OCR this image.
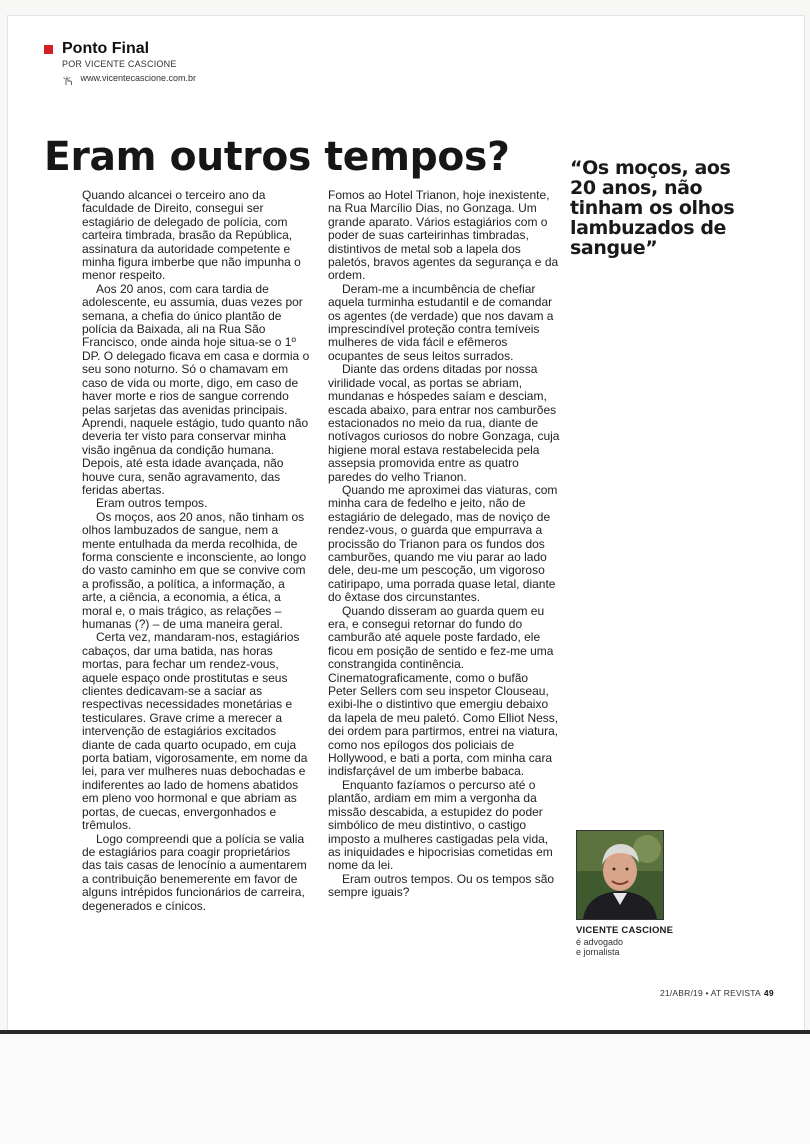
Ponto Final
POR VICENTE CASCIONE
www.vicentecascione.com.br
Eram outros tempos?

Quando alcancei o terceiro ano da faculdade de Direito, consegui ser estagiário de delegado de polícia, com carteira timbrada, brasão da República, assinatura da autoridade competente e minha figura imberbe que não impunha o menor respeito.

Aos 20 anos, com cara tardia de adolescente, eu assumia, duas vezes por semana, a chefia do único plantão de polícia da Baixada, ali na Rua São Francisco, onde ainda hoje situa-se o 1º DP. O delegado ficava em casa e dormia o seu sono noturno. Só o chamavam em caso de vida ou morte, digo, em caso de haver morte e rios de sangue correndo pelas sarjetas das avenidas principais. Aprendi, naquele estágio, tudo quanto não deveria ter visto para conservar minha visão ingênua da condição humana. Depois, até esta idade avançada, não houve cura, senão agravamento, das feridas abertas.

Eram outros tempos.

Os moços, aos 20 anos, não tinham os olhos lambuzados de sangue, nem a mente entulhada da merda recolhida, de forma consciente e inconsciente, ao longo do vasto caminho em que se convive com a profissão, a política, a informação, a arte, a ciência, a economia, a ética, a moral e, o mais trágico, as relações – humanas (?) – de uma maneira geral.

Certa vez, mandaram-nos, estagiários cabaços, dar uma batida, nas horas mortas, para fechar um rendez-vous, aquele espaço onde prostitutas e seus clientes dedicavam-se a saciar as respectivas necessidades monetárias e testiculares. Grave crime a merecer a intervenção de estagiários excitados diante de cada quarto ocupado, em cuja porta batiam, vigorosamente, em nome da lei, para ver mulheres nuas debochadas e indiferentes ao lado de homens abatidos em pleno voo hormonal e que abriam as portas, de cuecas, envergonhados e trêmulos.

Logo compreendi que a polícia se valia de estagiários para coagir proprietários das tais casas de lenocínio a aumentarem a contribuição benemerente em favor de alguns intrépidos funcionários de carreira, degenerados e cínicos.

Fomos ao Hotel Trianon, hoje inexistente, na Rua Marcílio Dias, no Gonzaga. Um grande aparato. Vários estagiários com o poder de suas carteirinhas timbradas, distintivos de metal sob a lapela dos paletós, bravos agentes da segurança e da ordem.

Deram-me a incumbência de chefiar aquela turminha estudantil e de comandar os agentes (de verdade) que nos davam a imprescindível proteção contra temíveis mulheres de vida fácil e efêmeros ocupantes de seus leitos surrados.

Diante das ordens ditadas por nossa virilidade vocal, as portas se abriam, mundanas e hóspedes saíam e desciam, escada abaixo, para entrar nos camburões estacionados no meio da rua, diante de notívagos curiosos do nobre Gonzaga, cuja higiene moral estava restabelecida pela assepsia promovida entre as quatro paredes do velho Trianon.

Quando me aproximei das viaturas, com minha cara de fedelho e jeito, não de estagiário de delegado, mas de noviço de rendez-vous, o guarda que empurrava a procissão do Trianon para os fundos dos camburões, quando me viu parar ao lado dele, deu-me um pescoção, um vigoroso catiripapo, uma porrada quase letal, diante do êxtase dos circunstantes.

Quando disseram ao guarda quem eu era, e consegui retornar do fundo do camburão até aquele poste fardado, ele ficou em posição de sentido e fez-me uma constrangida continência. Cinematograficamente, como o bufão Peter Sellers com seu inspetor Clouseau, exibi-lhe o distintivo que emergiu debaixo da lapela de meu paletó. Como Elliot Ness, dei ordem para partirmos, entrei na viatura, como nos epílogos dos policiais de Hollywood, e bati a porta, com minha cara indisfarçável de um imberbe babaca.

Enquanto fazíamos o percurso até o plantão, ardiam em mim a vergonha da missão descabida, a estupidez do poder simbólico de meu distintivo, o castigo imposto a mulheres castigadas pela vida, as iniquidades e hipocrisias cometidas em nome da lei.

Eram outros tempos. Ou os tempos são sempre iguais?

“Os moços, aos 20 anos, não tinham os olhos lambuzados de sangue”

VICENTE CASCIONE
é advogado
e jornalista
21/ABR/19 • AT REVISTA 49
